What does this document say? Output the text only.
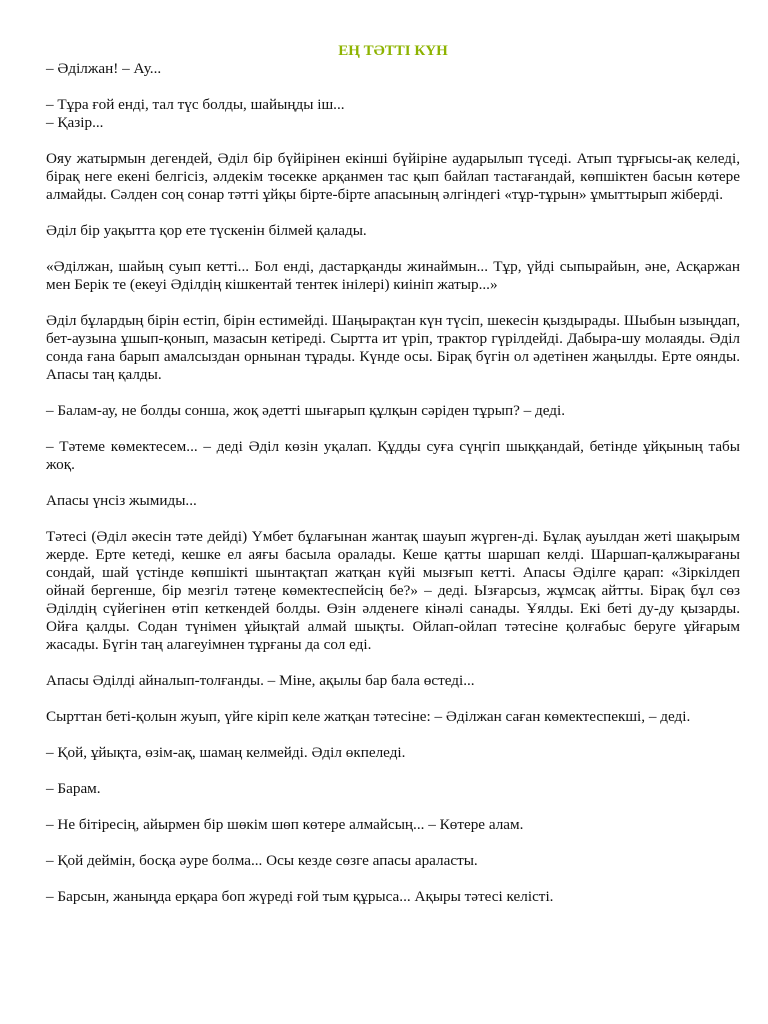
ЕҢ ТӘТТІ КҮН

– Әділжан! – Ау...

– Тұра ғой енді, тал түс болды, шайыңды іш...

– Қазір...

Ояу жатырмын дегендей, Әділ бір бүйірінен екінші бүйіріне аударылып түседі. Атып тұрғысы-ақ келеді, бірақ неге екені белгісіз, әлдекім төсекке арқанмен тас қып байлап тастағандай, көпшіктен басын көтере алмайды. Сәлден соң сонар тәтті ұйқы бірте-бірте апасының әлгіндегі «тұр-тұрын» ұмыттырып жіберді.

Әділ бір уақытта қор ете түскенін білмей қалады.

«Әділжан, шайың суып кетті... Бол енді, дастарқанды жинаймын... Тұр, үйді сыпырайын, әне, Асқаржан мен Берік те (екеуі Әділдің кішкентай тентек інілері) киініп жатыр...»

Әділ бұлардың бірін естіп, бірін естимейді. Шаңырақтан күн түсіп, шекесін қыздырады. Шыбын ызыңдап, бет-аузына ұшып-қонып, мазасын кетіреді. Сыртта ит үріп, трактор гүрілдейді. Дабыра-шу молаяды. Әділ сонда ғана барып амалсыздан орнынан тұрады. Күнде осы. Бірақ бүгін ол әдетінен жаңылды. Ерте оянды. Апасы таң қалды.

– Балам-ау, не болды сонша, жоқ әдетті шығарып құлқын сәріден тұрып? – деді.

– Тәтеме көмектесем... – деді Әділ көзін уқалап. Құдды суға сүңгіп шыққандай, бетінде ұйқының табы жоқ.

Апасы үнсіз жымиды...

Тәтесі (Әділ әкесін тәте дейді) Үмбет бұлағынан жантақ шауып жүрген-ді. Бұлақ ауылдан жеті шақырым жерде. Ерте кетеді, кешке ел аяғы басыла оралады. Кеше қатты шаршап келді. Шаршап-қалжырағаны сондай, шай үстінде көпшікті шынтақтап жатқан күйі мызғып кетті. Апасы Әділге қарап: «Зіркілдеп ойнай бергенше, бір мезгіл тәтеңе көмектеспейсің бе?» – деді. Ызғарсыз, жұмсақ айтты. Бірақ бұл сөз Әділдің сүйегінен өтіп кеткендей болды. Өзін әлденеге кінәлі санады. Ұялды. Екі беті ду-ду қызарды. Ойға қалды. Содан түнімен ұйықтай алмай шықты. Ойлап-ойлап тәтесіне қолғабыс беруге ұйғарым жасады. Бүгін таң алагеуімнен тұрғаны да сол еді.

Апасы Әділді айналып-толғанды. – Міне, ақылы бар бала өстеді...

Сырттан беті-қолын жуып, үйге кіріп келе жатқан тәтесіне: – Әділжан саған көмектеспекші, – деді.

– Қой, ұйықта, өзім-ақ, шамаң келмейді. Әділ өкпеледі.

– Барам.

– Не бітіресің, айырмен бір шөкім шөп көтере алмайсың... – Көтере алам.

– Қой деймін, босқа әуре болма... Осы кезде сөзге апасы араласты.

– Барсын, жаныңда ерқара боп жүреді ғой тым құрыса... Ақыры тәтесі келісті.
